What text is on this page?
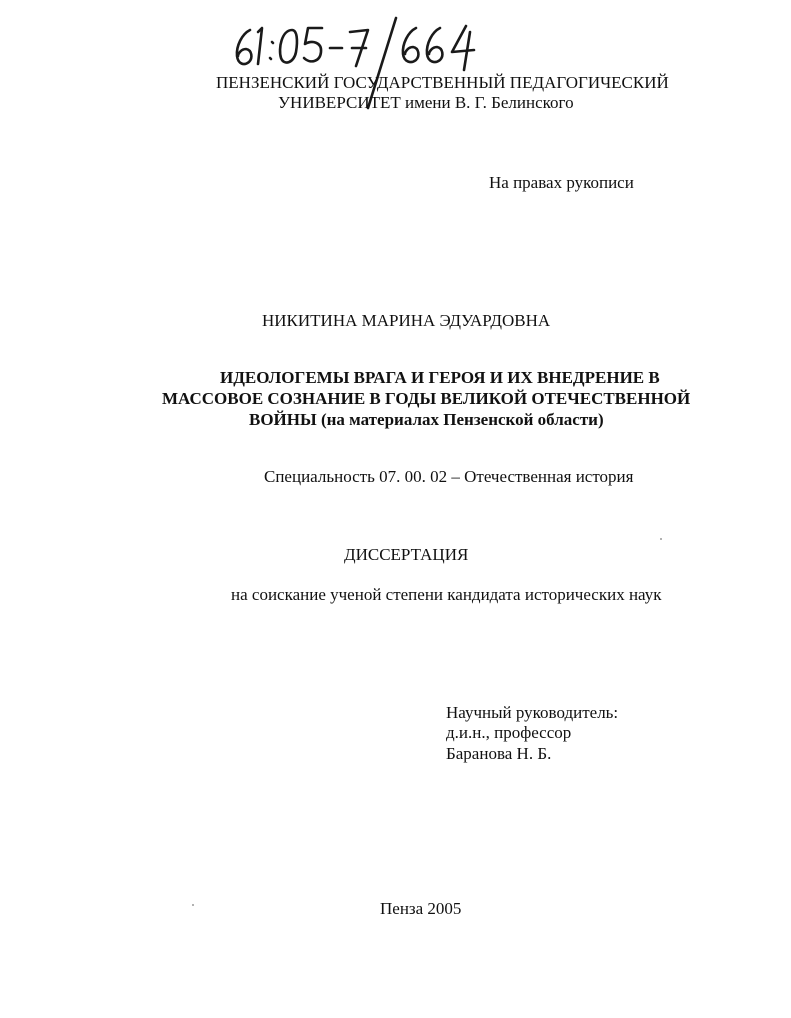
ПЕНЗЕНСКИЙ ГОСУДАРСТВЕННЫЙ ПЕДАГОГИЧЕСКИЙ
УНИВЕРСИТЕТ имени В. Г. Белинского
На правах рукописи
НИКИТИНА МАРИНА ЭДУАРДОВНА
ИДЕОЛОГЕМЫ ВРАГА И ГЕРОЯ И ИХ ВНЕДРЕНИЕ В
МАССОВОЕ СОЗНАНИЕ В ГОДЫ ВЕЛИКОЙ ОТЕЧЕСТВЕННОЙ
ВОЙНЫ (на материалах Пензенской области)
Специальность 07. 00. 02 – Отечественная история
ДИССЕРТАЦИЯ
на соискание ученой степени кандидата исторических наук
Научный руководитель:
д.и.н., профессор
Баранова Н. Б.
Пенза 2005
